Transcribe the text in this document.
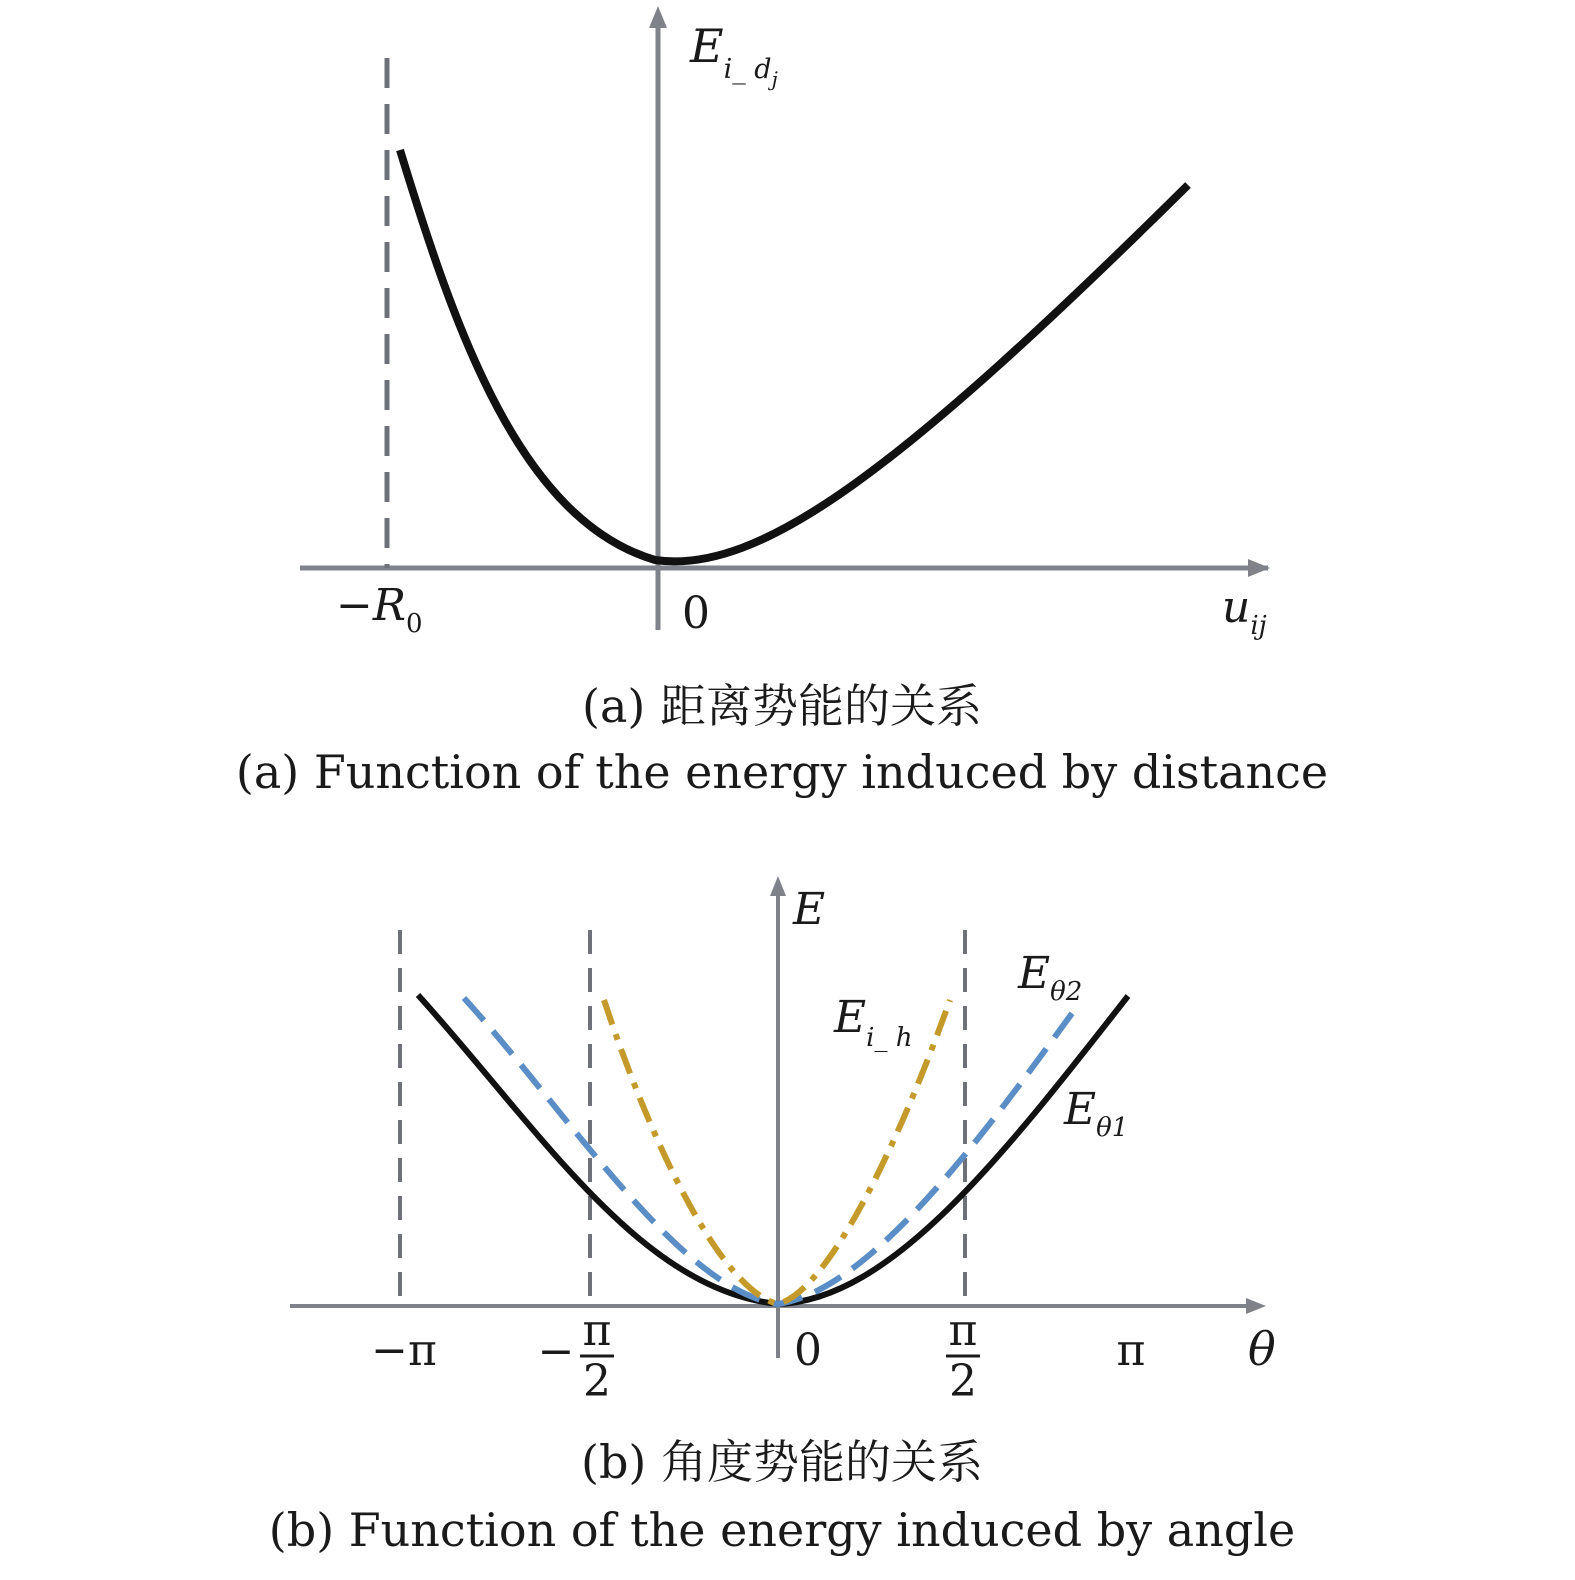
$E_{i\_ d}j$
$u_{ij}$
0
$-R_0$
(a) 距离势能的关系
(a) Function of the energy induced by distance
$E_{i\_ h}$
$E_{\theta 2}$
$E_{\theta 1}$
E
θ
−π − π
2
0	π
2
π
(b) 角度势能的关系
(b) Function of the energy induced by angle
